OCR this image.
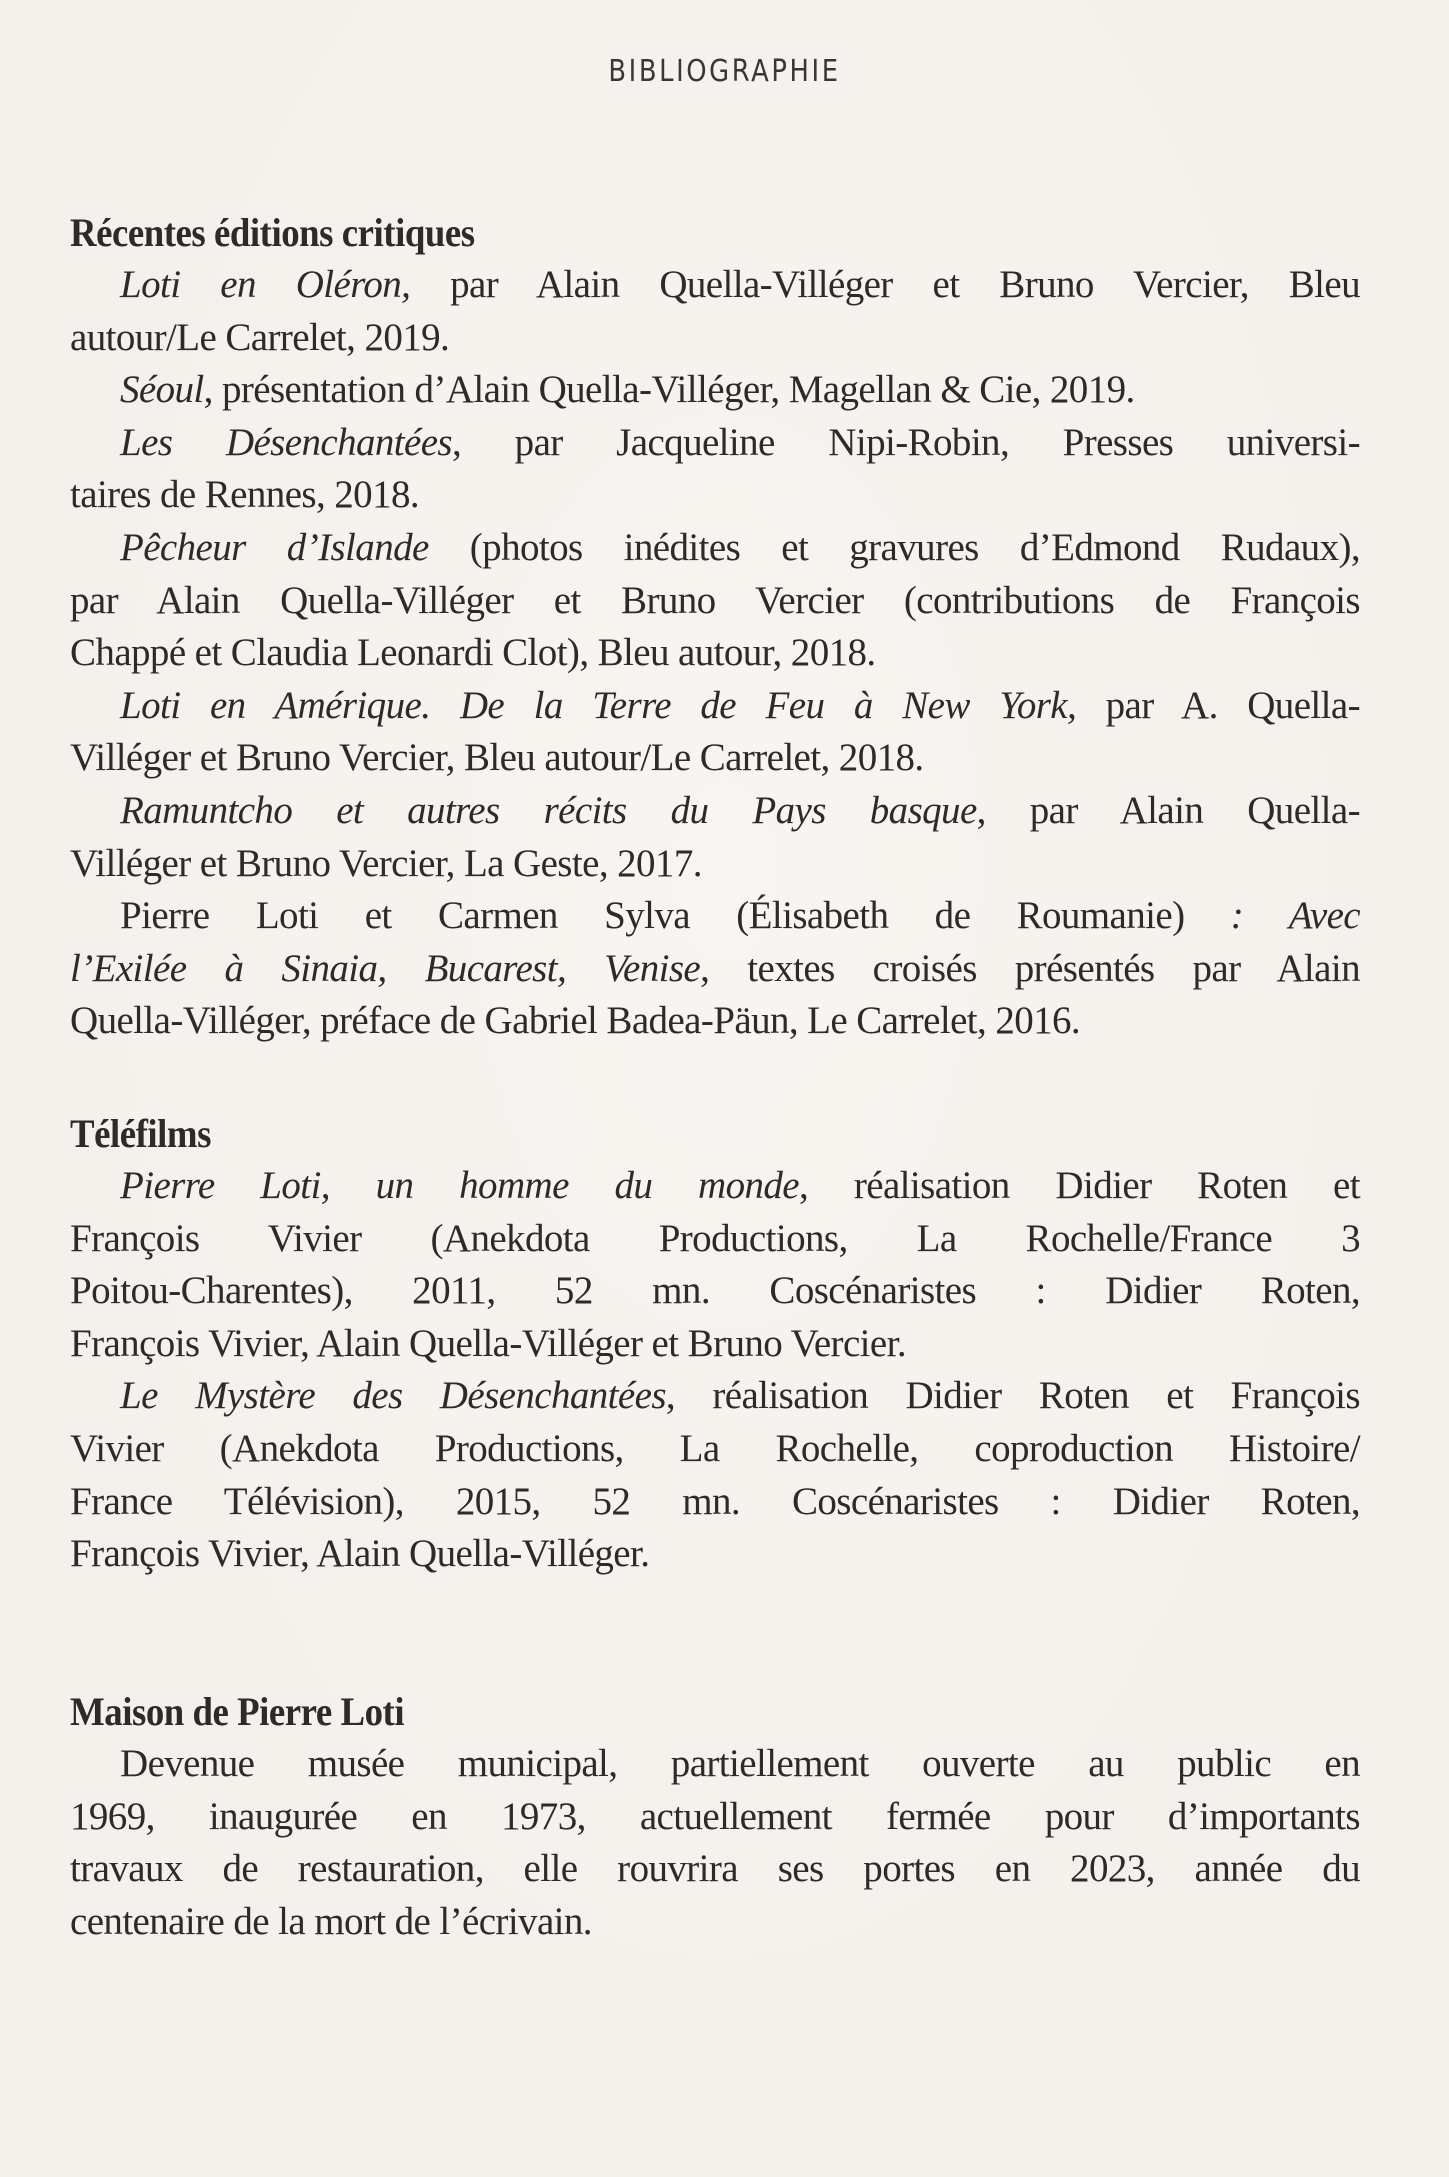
BIBLIOGRAPHIE
Récentes éditions critiques
Loti en Oléron, par Alain Quella-Villéger et Bruno Vercier, Bleu
autour/Le Carrelet, 2019.
Séoul, présentation d’Alain Quella-Villéger, Magellan & Cie, 2019.
Les Désenchantées, par Jacqueline Nipi-Robin, Presses universi-
taires de Rennes, 2018.
Pêcheur d’Islande (photos inédites et gravures d’Edmond Rudaux),
par Alain Quella-Villéger et Bruno Vercier (contributions de François
Chappé et Claudia Leonardi Clot), Bleu autour, 2018.
Loti en Amérique. De la Terre de Feu à New York, par A. Quella-
Villéger et Bruno Vercier, Bleu autour/Le Carrelet, 2018.
Ramuntcho et autres récits du Pays basque, par Alain Quella-
Villéger et Bruno Vercier, La Geste, 2017.
Pierre Loti et Carmen Sylva (Élisabeth de Roumanie) : Avec
l’Exilée à Sinaia, Bucarest, Venise, textes croisés présentés par Alain
Quella-Villéger, préface de Gabriel Badea-Päun, Le Carrelet, 2016.
Téléfilms
Pierre Loti, un homme du monde, réalisation Didier Roten et
François Vivier (Anekdota Productions, La Rochelle/France 3
Poitou-Charentes), 2011, 52 mn. Coscénaristes : Didier Roten,
François Vivier, Alain Quella-Villéger et Bruno Vercier.
Le Mystère des Désenchantées, réalisation Didier Roten et François
Vivier (Anekdota Productions, La Rochelle, coproduction Histoire/
France Télévision), 2015, 52 mn. Coscénaristes : Didier Roten,
François Vivier, Alain Quella-Villéger.
Maison de Pierre Loti
Devenue musée municipal, partiellement ouverte au public en
1969, inaugurée en 1973, actuellement fermée pour d’importants
travaux de restauration, elle rouvrira ses portes en 2023, année du
centenaire de la mort de l’écrivain.
